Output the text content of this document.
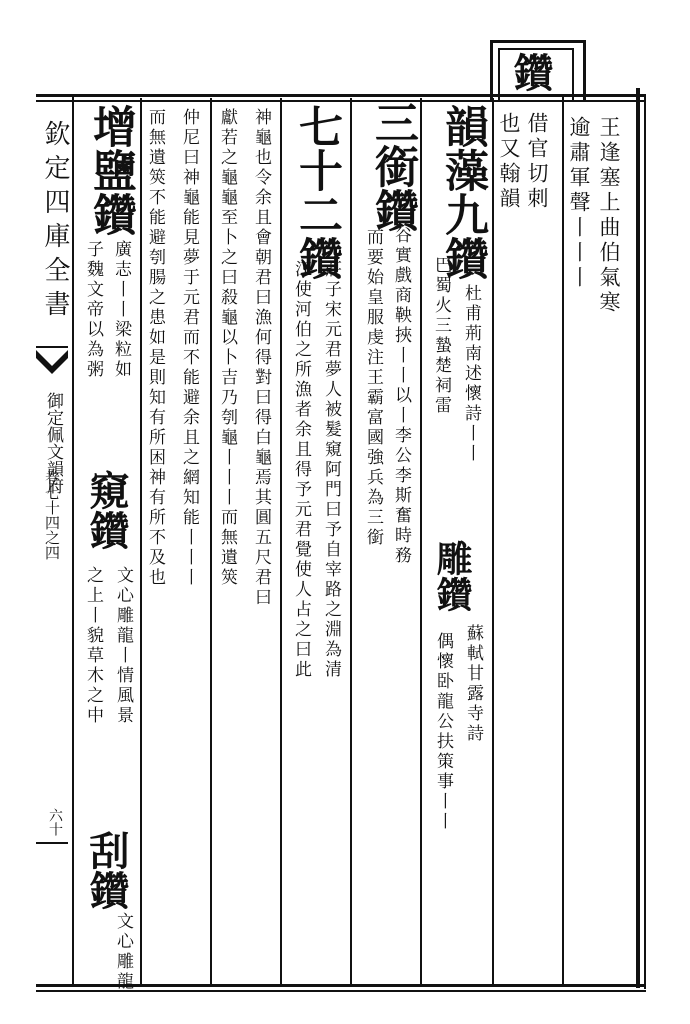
欽定四庫全書
御定佩文韻府
卷七十四之四
六十
王逢塞上曲伯氣寒
逾肅軍聲丨丨丨
鑽
借官切刺
也又翰韻
韻藻九鑽
杜甫荊南述懷詩丨丨
巴蜀火三蟄楚祠雷
雕鑽
蘇軾甘露寺詩
偶懷卧龍公扶策事丨丨
三銜鑽
谷實戲商鞅挾丨丨以丨李公李斯奮時務
而要始皇服虔注王霸富國強兵為三銜
七十二鑽
莊子宋元君夢人被髮窺阿門曰予自宰路之淵為清
江使河伯之所漁者余且得予元君覺使人占之曰此
神龜也令余且會朝君曰漁何得對曰得白龜焉其圓五尺君曰
獻若之龜龜至卜之曰殺龜以卜吉乃刳龜丨丨丨而無遺筴
仲尼曰神龜能見夢于元君而不能避余且之網知能丨丨丨
而無遺筴不能避刳腸之患如是則知有所困神有所不及也
增鹽鑽
廣志丨丨梁粒如
子魏文帝以為粥
窺鑽
文心雕龍丨情風景
之上丨貌草木之中
刮鑽
文心雕龍
